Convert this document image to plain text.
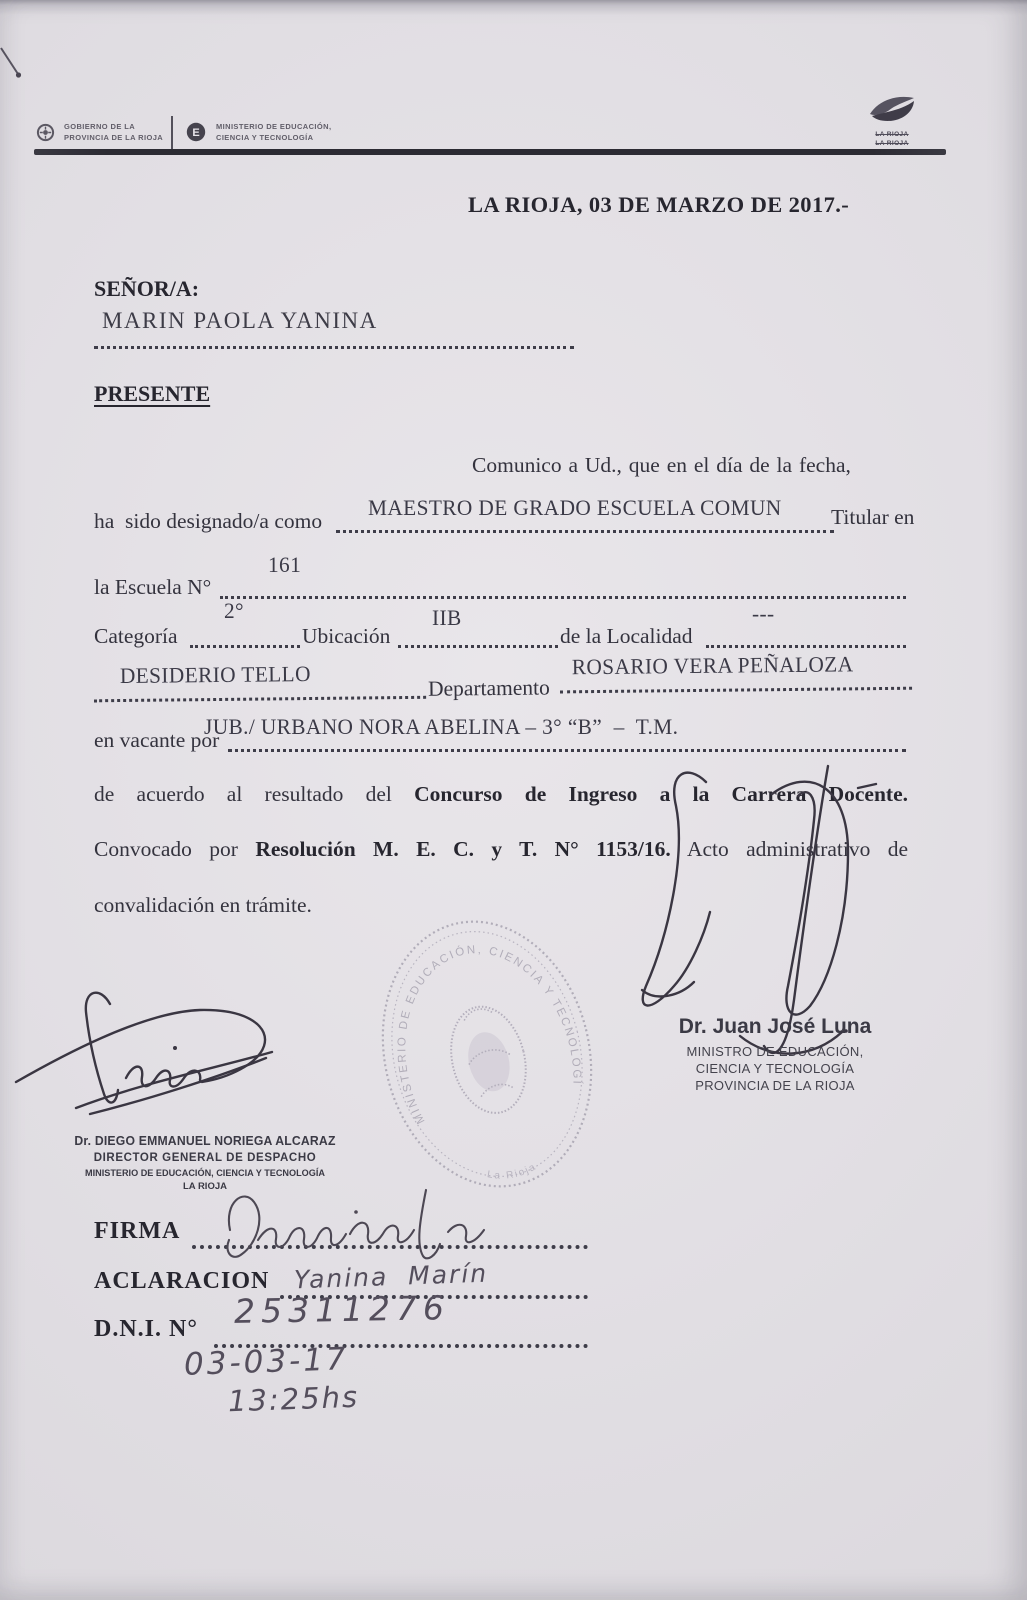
GOBIERNO DE LA
PROVINCIA DE LA RIOJA	E
MINISTERIO DE EDUCACIÓN,
CIENCIA Y TECNOLOGÍA	LA RIOJA
LA RIOJA
LA RIOJA, 03 DE MARZO DE 2017.-
SEÑOR/A:
MARIN PAOLA YANINA
PRESENTE
Comunico a Ud., que en el día de la fecha,
MAESTRO DE GRADO ESCUELA COMUN
ha  sido designado/a como	Titular en
161
la Escuela N°
2°	IIB	---
Categoría	Ubicación	de la Localidad
DESIDERIO TELLO
Departamento
ROSARIO VERA PEÑALOZA
JUB./ URBANO NORA ABELINA – 3° “B”  –  T.M.
en vacante por
de acuerdo al resultado del Concurso de Ingreso a la Carrera Docente.
Convocado por Resolución M. E. C. y T. N° 1153/16. Acto administrativo de
convalidación en trámite.
MINISTERIO DE EDUCACIÓN, CIENCIA Y TECNOLOGÍA
La Rioja
Dr. DIEGO EMMANUEL NORIEGA ALCARAZ
DIRECTOR GENERAL DE DESPACHO
MINISTERIO DE EDUCACIÓN, CIENCIA Y TECNOLOGÍA
LA RIOJA
Dr. Juan José Luna
MINISTRO DE EDUCACIÓN,
CIENCIA Y TECNOLOGÍA
PROVINCIA DE LA RIOJA
FIRMA
ACLARACION Yanina  Marín
D.N.I. N° 25311276
03-03-17
13:25hs
